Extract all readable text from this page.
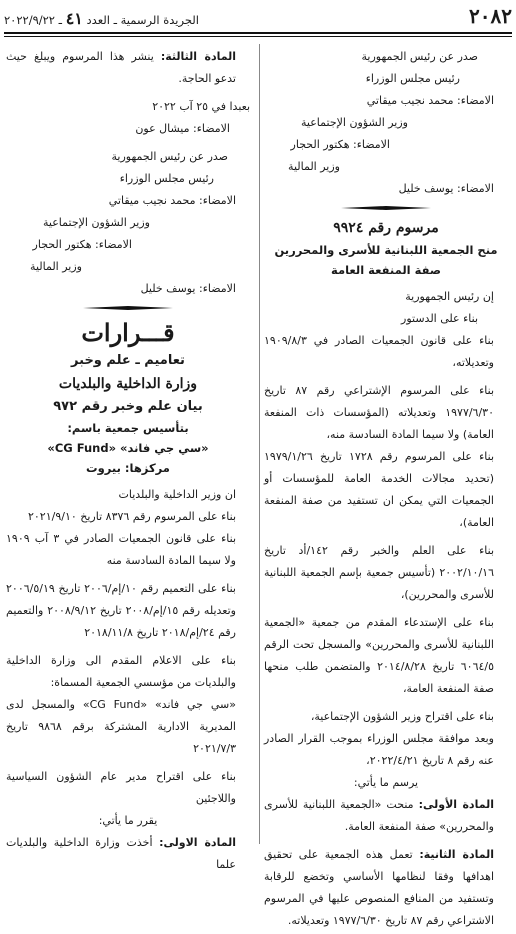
٢٠٨٢
الجريدة الرسمية ـ العدد ٤١ ـ ٢٠٢٢/٩/٢٢
صدر عن رئيس الجمهورية
رئيس مجلس الوزراء
الامضاء: محمد نجيب ميقاتي
وزير الشؤون الإجتماعية
الامضاء: هكتور الحجار
وزير المالية
الامضاء: يوسف خليل
مرسوم رقم ٩٩٢٤
منح الجمعية اللبنانية للأسرى والمحررين
صفة المنفعة العامة
إن رئيس الجمهورية
بناء على الدستور

بناء على قانون الجمعيات الصادر في ١٩٠٩/٨/٣ وتعديلاته،

بناء على المرسوم الإشتراعي رقم ٨٧ تاريخ ١٩٧٧/٦/٣٠ وتعديلاته (المؤسسات ذات المنفعة العامة) ولا سيما المادة السادسة منه،

بناء على المرسوم رقم ١٧٢٨ تاريخ ١٩٧٩/١/٢٦ (تحديد مجالات الخدمة العامة للمؤسسات أو الجمعيات التي يمكن ان تستفيد من صفة المنفعة العامة)،

بناء على العلم والخبر رقم ١٤٢/أد تاريخ ٢٠٠٢/١٠/١٦ (تأسيس جمعية بإسم الجمعية اللبنانية للأسرى والمحررين)،

بناء على الإستدعاء المقدم من جمعية «الجمعية اللبنانية للأسرى والمحررين» والمسجل تحت الرقم ٦٠٦٤/٥ تاريخ ٢٠١٤/٨/٢٨ والمتضمن طلب منحها صفة المنفعة العامة،

بناء على اقتراح وزير الشؤون الإجتماعية،

وبعد موافقة مجلس الوزراء بموجب القرار الصادر عنه رقم ٨ تاريخ ٢٠٢٢/٤/٢١،

يرسم ما يأتي:

المادة الأولى: منحت «الجمعية اللبنانية للأسرى والمحررين» صفة المنفعة العامة.

المادة الثانية: تعمل هذه الجمعية على تحقيق اهدافها وفقا لنظامها الأساسي وتخضع للرقابة وتستفيد من المنافع المنصوص عليها في المرسوم الاشتراعي رقم ٨٧ تاريخ ١٩٧٧/٦/٣٠ وتعديلاته.

المادة الثالثة: ينشر هذا المرسوم ويبلغ حيث تدعو الحاجة.

بعبدا في ٢٥ آب ٢٠٢٢
الامضاء: ميشال عون
صدر عن رئيس الجمهورية
رئيس مجلس الوزراء
الامضاء: محمد نجيب ميقاتي
وزير الشؤون الإجتماعية
الامضاء: هكتور الحجار
وزير المالية
الامضاء: يوسف خليل
قـــرارات
تعاميم ـ علم وخبر
وزارة الداخلية والبلديات
بيان علم وخبر رقم ٩٧٢
بتأسيس جمعية باسم:
«سي جي فاند» «CG Fund»
مركزها: بيروت
ان وزير الداخلية والبلديات

بناء على المرسوم رقم ٨٣٧٦ تاريخ ٢٠٢١/٩/١٠

بناء على قانون الجمعيات الصادر في ٣ آب ١٩٠٩ ولا سيما المادة السادسة منه

بناء على التعميم رقم ١٠/إم/٢٠٠٦ تاريخ ٢٠٠٦/٥/١٩ وتعديله رقم ١٥/إم/٢٠٠٨ تاريخ ٢٠٠٨/٩/١٢ والتعميم رقم ٢٤/إم/٢٠١٨ تاريخ ٢٠١٨/١١/٨

بناء على الاعلام المقدم الى وزارة الداخلية والبلديات من مؤسسي الجمعية المسماة:

«سي جي فاند» «CG Fund» والمسجل لدى المديرية الادارية المشتركة برقم ٩٨٦٨ تاريخ ٢٠٢١/٧/٣

بناء على اقتراح مدير عام الشؤون السياسية واللاجئين

يقرر ما يأتي:

المادة الاولى: أخذت وزارة الداخلية والبلديات علما
